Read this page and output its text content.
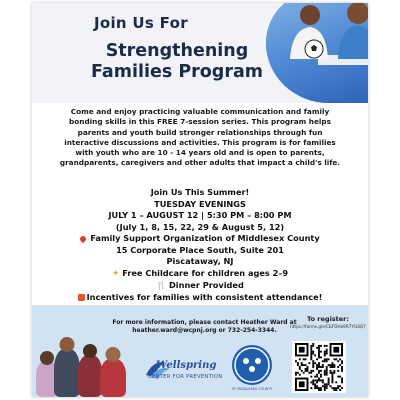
Join Us For
Strengthening
Families Program
Come and enjoy practicing valuable communication and family
bonding skills in this FREE 7-session series. This program helps
parents and youth build stronger relationships through fun
interactive discussions and activities. This program is for families
with youth who are 10 - 14 years old and is open to parents,
grandparents, caregivers and other adults that impact a child's life.
Join Us This Summer!
TUESDAY EVENINGS
JULY 1 – AUGUST 12 | 5:30 PM – 8:00 PM
(July 1, 8, 15, 22, 29 & August 5, 12)
Family Support Organization of Middlesex County
15 Corporate Place South, Suite 201
Piscataway, NJ
✦ Free Childcare for children ages 2–9
🍴 Dinner Provided
Incentives for families with consistent attendance!
For more information, please contact Heather Ward at
heather.ward@wcpnj.org or 732-254-3344.
To register:
https://forms.gle/CbFDHa9R7YG8Q7
Wellspring
CENTER FOR PREVENTION
OF MIDDLESEX COUNTY
